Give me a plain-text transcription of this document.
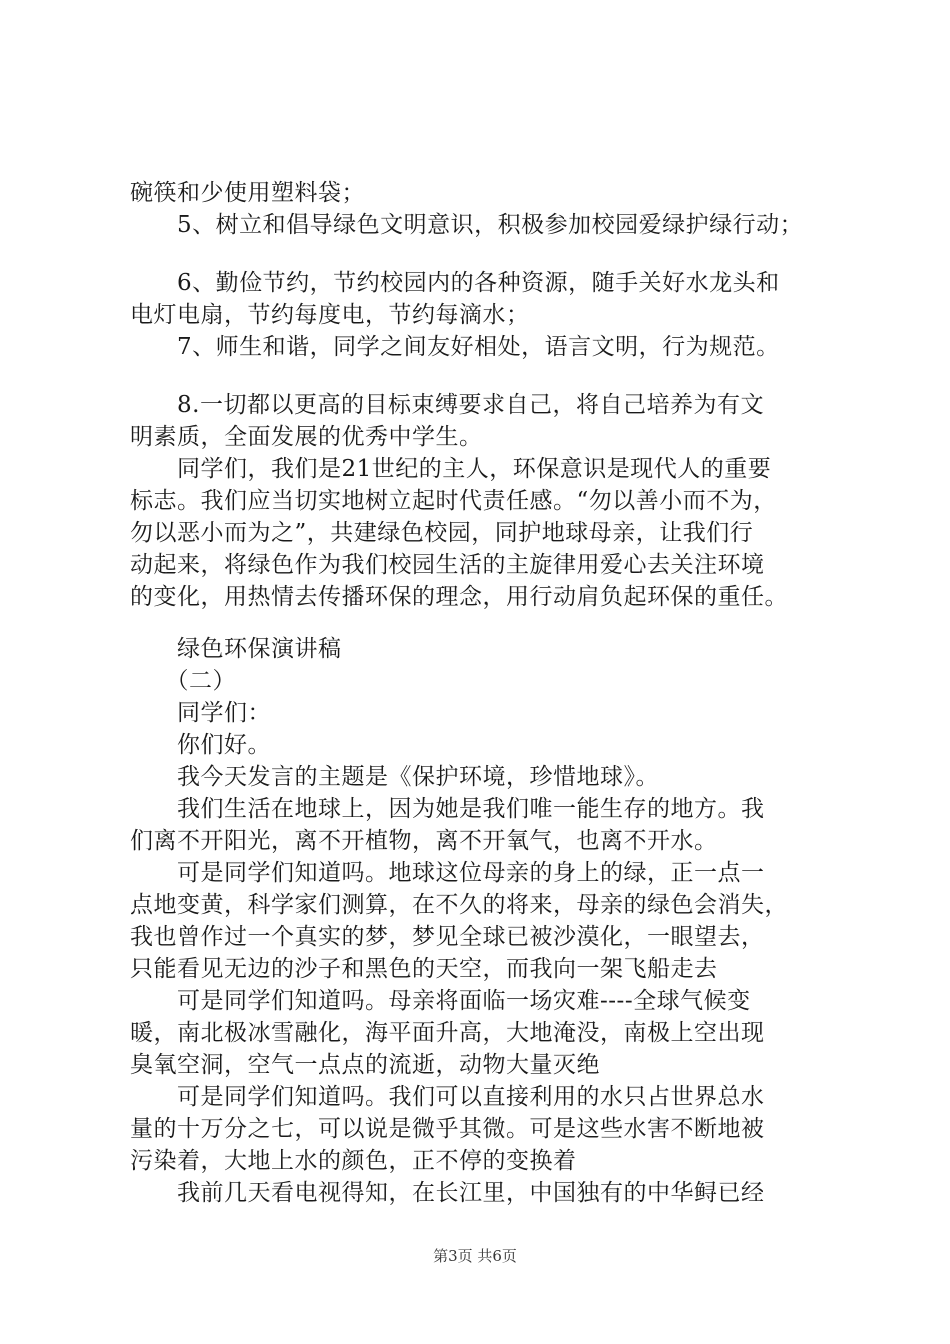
碗筷和少使用塑料袋；
　　5、树立和倡导绿色文明意识，积极参加校园爱绿护绿行动；
　　6、勤俭节约，节约校园内的各种资源，随手关好水龙头和
电灯电扇，节约每度电，节约每滴水；
　　7、师生和谐，同学之间友好相处，语言文明，行为规范。
　　8.一切都以更高的目标束缚要求自己，将自己培养为有文
明素质，全面发展的优秀中学生。
　　同学们，我们是21世纪的主人，环保意识是现代人的重要
标志。我们应当切实地树立起时代责任感。“勿以善小而不为，
勿以恶小而为之”，共建绿色校园，同护地球母亲，让我们行
动起来，将绿色作为我们校园生活的主旋律用爱心去关注环境
的变化，用热情去传播环保的理念，用行动肩负起环保的重任。
　　绿色环保演讲稿
　　（二）
　　同学们：
　　你们好。
　　我今天发言的主题是《保护环境，珍惜地球》。
　　我们生活在地球上，因为她是我们唯一能生存的地方。我
们离不开阳光，离不开植物，离不开氧气，也离不开水。
　　可是同学们知道吗。地球这位母亲的身上的绿，正一点一
点地变黄，科学家们测算，在不久的将来，母亲的绿色会消失，
我也曾作过一个真实的梦，梦见全球已被沙漠化，一眼望去，
只能看见无边的沙子和黑色的天空，而我向一架飞船走去
　　可是同学们知道吗。母亲将面临一场灾难----全球气候变
暖，南北极冰雪融化，海平面升高，大地淹没，南极上空出现
臭氧空洞，空气一点点的流逝，动物大量灭绝
　　可是同学们知道吗。我们可以直接利用的水只占世界总水
量的十万分之七，可以说是微乎其微。可是这些水害不断地被
污染着，大地上水的颜色，正不停的变换着
　　我前几天看电视得知，在长江里，中国独有的中华鲟已经
第3页 共6页
